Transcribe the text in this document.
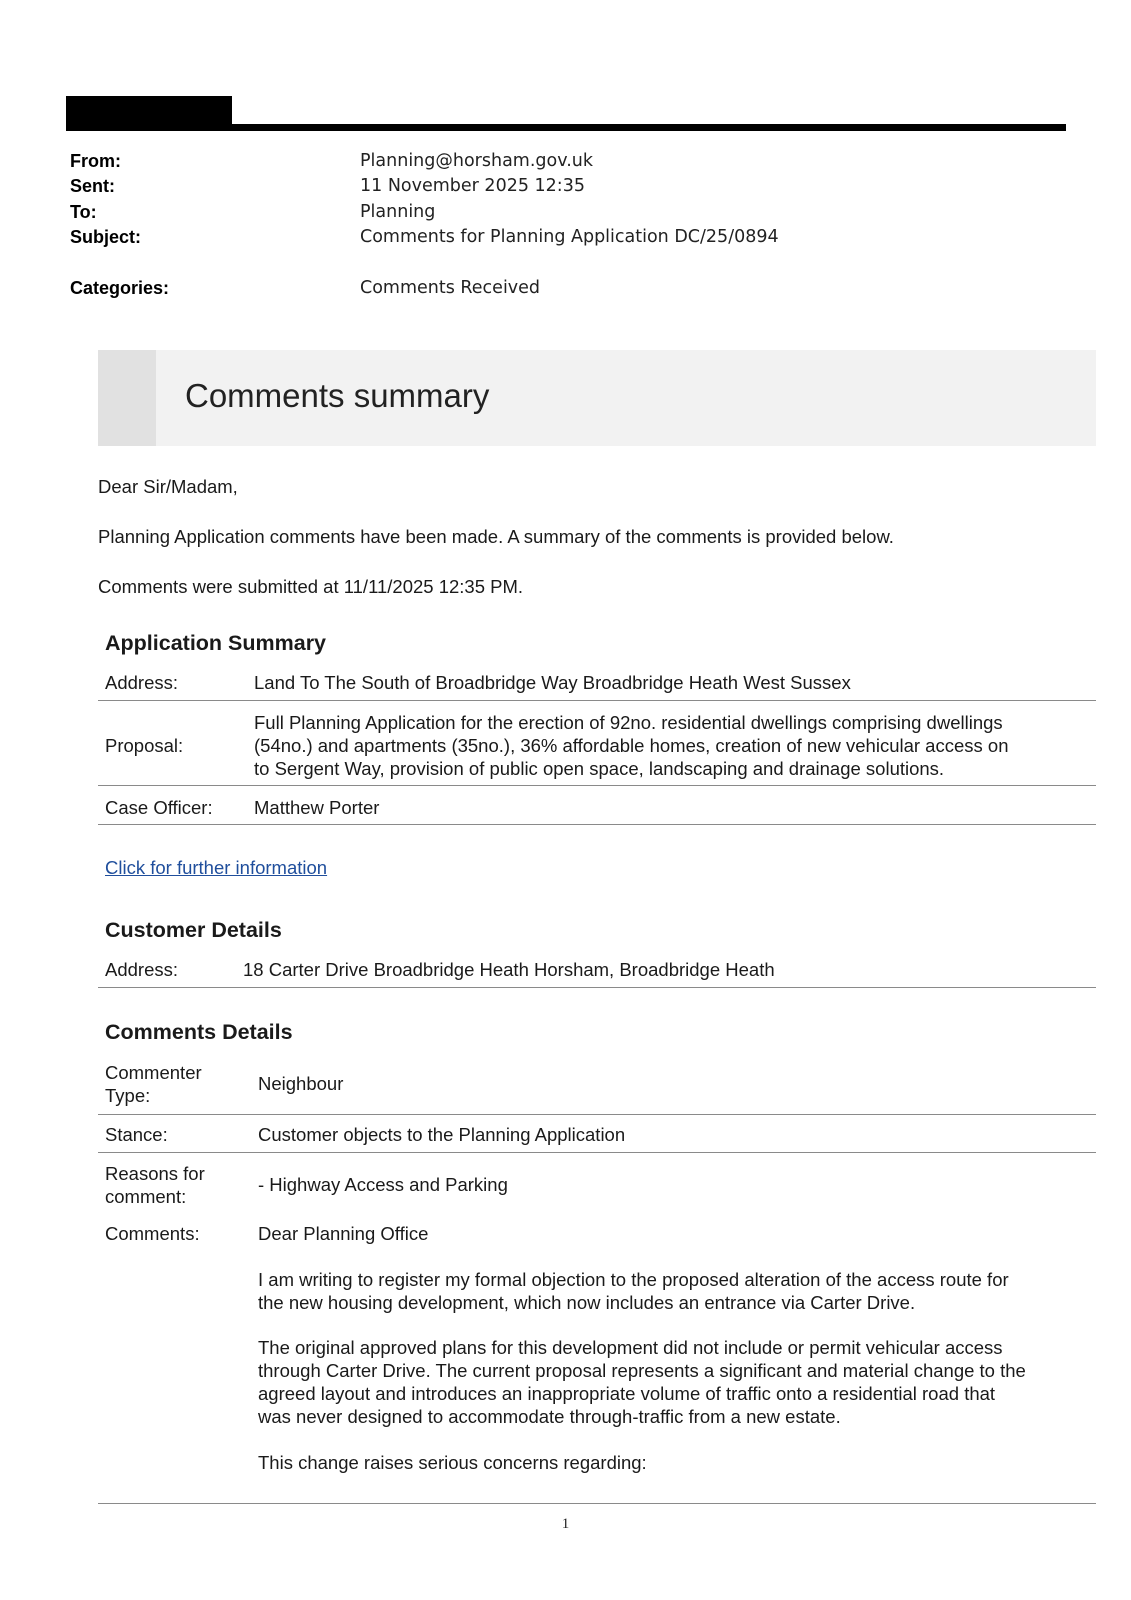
From:	Planning@horsham.gov.uk
Sent:	11 November 2025 12:35
To:	Planning
Subject:	Comments for Planning Application DC/25/0894
Categories:	Comments Received
Comments summary
Dear Sir/Madam,
Planning Application comments have been made. A summary of the comments is provided below.
Comments were submitted at 11/11/2025 12:35 PM.
Application Summary
Address:	Land To The South of Broadbridge Way Broadbridge Heath West Sussex
Proposal:
Full Planning Application for the erection of 92no. residential dwellings comprising dwellings
(54no.) and apartments (35no.), 36% affordable homes, creation of new vehicular access on
to Sergent Way, provision of public open space, landscaping and drainage solutions.
Case Officer: Matthew Porter
Click for further information
Customer Details
Address:	18 Carter Drive Broadbridge Heath Horsham, Broadbridge Heath
Comments Details
Commenter
Type:
Neighbour
Stance:	Customer objects to the Planning Application
Reasons for
comment:
- Highway Access and Parking
Comments:	Dear Planning Office
I am writing to register my formal objection to the proposed alteration of the access route for
the new housing development, which now includes an entrance via Carter Drive.
The original approved plans for this development did not include or permit vehicular access
through Carter Drive. The current proposal represents a significant and material change to the
agreed layout and introduces an inappropriate volume of traffic onto a residential road that
was never designed to accommodate through-traffic from a new estate.
This change raises serious concerns regarding:
1
